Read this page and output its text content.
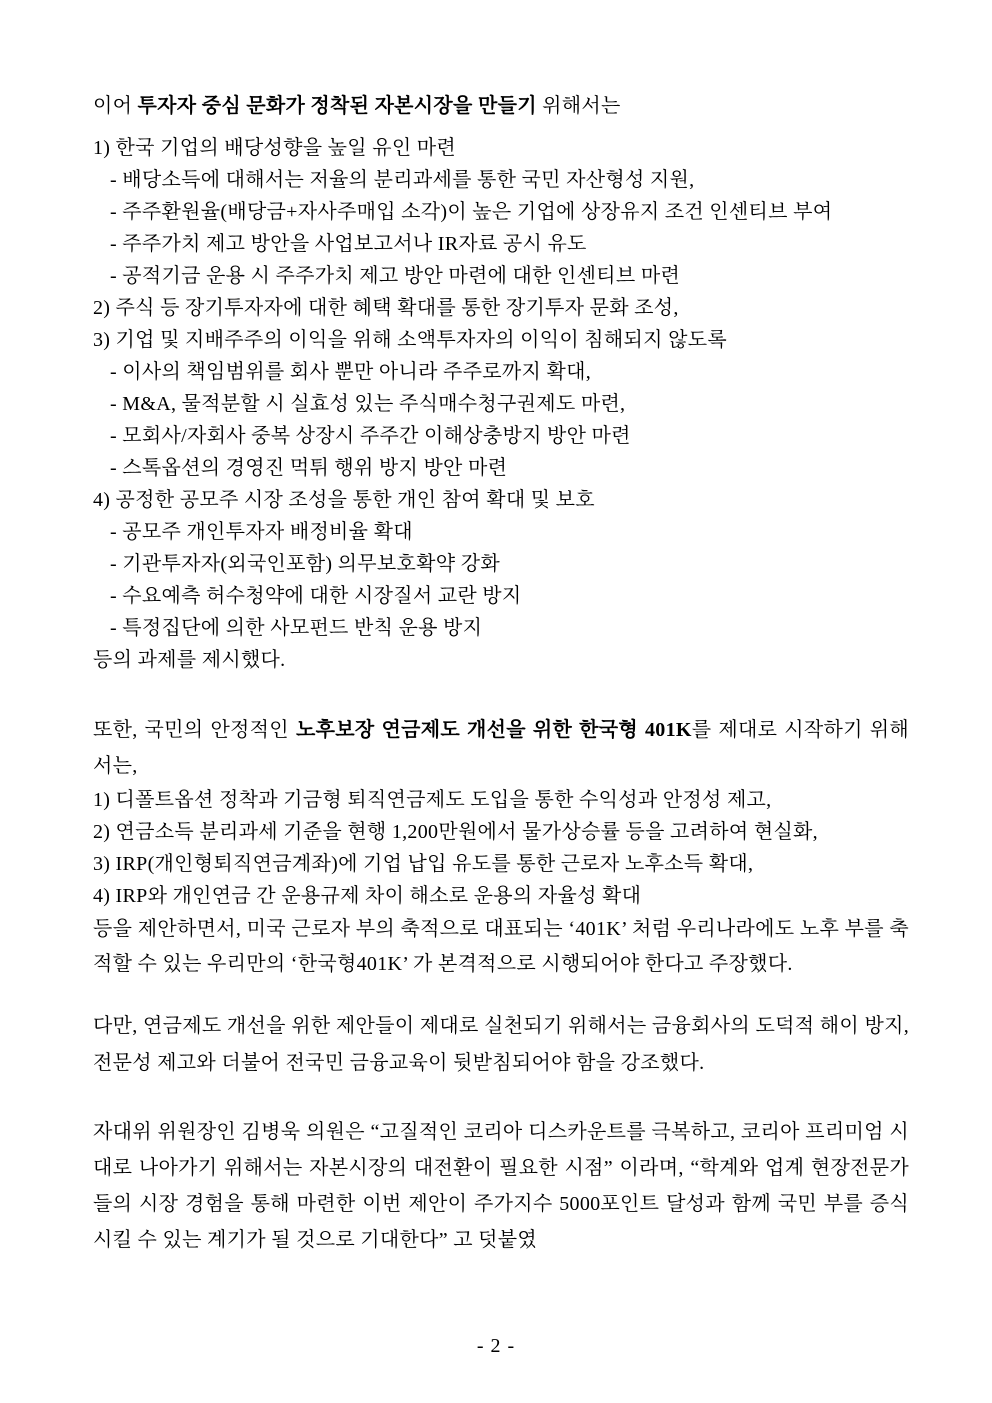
이어 투자자 중심 문화가 정착된 자본시장을 만들기 위해서는

1) 한국 기업의 배당성향을 높일 유인 마련
- 배당소득에 대해서는 저율의 분리과세를 통한 국민 자산형성 지원,
- 주주환원율(배당금+자사주매입 소각)이 높은 기업에 상장유지 조건 인센티브 부여
- 주주가치 제고 방안을 사업보고서나 IR자료 공시 유도
- 공적기금 운용 시 주주가치 제고 방안 마련에 대한 인센티브 마련
2) 주식 등 장기투자자에 대한 혜택 확대를 통한 장기투자 문화 조성,
3) 기업 및 지배주주의 이익을 위해 소액투자자의 이익이 침해되지 않도록
- 이사의 책임범위를 회사 뿐만 아니라 주주로까지 확대,
- M&A, 물적분할 시 실효성 있는 주식매수청구권제도 마련,
- 모회사/자회사 중복 상장시 주주간 이해상충방지 방안 마련
- 스톡옵션의 경영진 먹튀 행위 방지 방안 마련
4) 공정한 공모주 시장 조성을 통한 개인 참여 확대 및 보호
- 공모주 개인투자자 배정비율 확대
- 기관투자자(외국인포함) 의무보호확약 강화
- 수요예측 허수청약에 대한 시장질서 교란 방지
- 특정집단에 의한 사모펀드 반칙 운용 방지
등의 과제를 제시했다.

또한, 국민의 안정적인 노후보장 연금제도 개선을 위한 한국형 401K를 제대로 시작하기 위해서는,

1) 디폴트옵션 정착과 기금형 퇴직연금제도 도입을 통한 수익성과 안정성 제고,
2) 연금소득 분리과세 기준을 현행 1,200만원에서 물가상승률 등을 고려하여 현실화,
3) IRP(개인형퇴직연금계좌)에 기업 납입 유도를 통한 근로자 노후소득 확대,
4) IRP와 개인연금 간 운용규제 차이 해소로 운용의 자율성 확대

등을 제안하면서, 미국 근로자 부의 축적으로 대표되는 ‘401K’ 처럼 우리나라에도 노후 부를 축적할 수 있는 우리만의 ‘한국형401K’ 가 본격적으로 시행되어야 한다고 주장했다.

다만, 연금제도 개선을 위한 제안들이 제대로 실천되기 위해서는 금융회사의 도덕적 해이 방지, 전문성 제고와 더불어 전국민 금융교육이 뒷받침되어야 함을 강조했다.

자대위 위원장인 김병욱 의원은 “고질적인 코리아 디스카운트를 극복하고, 코리아 프리미엄 시대로 나아가기 위해서는 자본시장의 대전환이 필요한 시점” 이라며, “학계와 업계 현장전문가들의 시장 경험을 통해 마련한 이번 제안이 주가지수 5000포인트 달성과 함께 국민 부를 증식시킬 수 있는 계기가 될 것으로 기대한다” 고 덧붙였

- 2 -
